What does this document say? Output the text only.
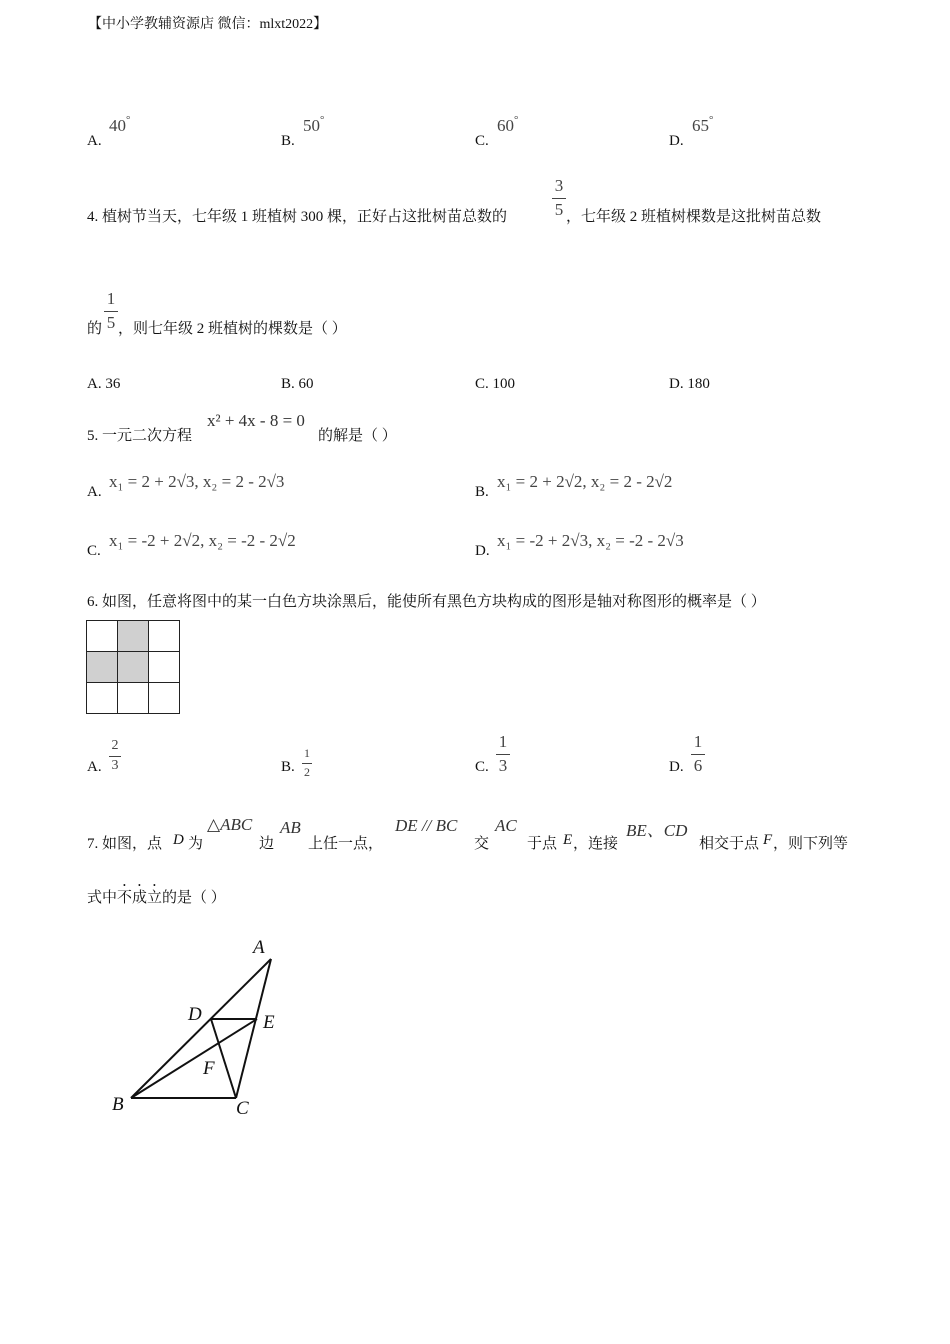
【中小学教辅资源店 微信：mlxt2022】
A.
40°
B.
50°
C.
60°
D.
65°
4. 植树节当天，七年级 1 班植树 300 棵，正好占这批树苗总数的
3
5 ，七年级 2 班植树棵数是这批树苗总数
的
1
5 ，则七年级 2 班植树的棵数是（ ）
A. 36	B. 60	C. 100	D. 180
5. 一元二次方程
x² + 4x - 8 = 0
的解是（ ）
A.
x₁ = 2 + 2√3, x₂ = 2 - 2√3
B.
x₁ = 2 + 2√2, x₂ = 2 - 2√2
C.
x₁ = -2 + 2√2, x₂ = -2 - 2√2
D.
x₁ = -2 + 2√3, x₂ = -2 - 2√3
6. 如图，任意将图中的某一白色方块涂黑后，能使所有黑色方块构成的图形是轴对称图形的概率是（ ）

A.
2
3	B.
1
2	C.
1
3	D.
1
6
7. 如图，点 D 为
△ABC
边
AB
上任一点，
DE // BC
交
AC
于点 E ，连接
BE、CD
相交于点 F ，则下列等
式中不成立的是（ ）
A
B	C
D	E
F
